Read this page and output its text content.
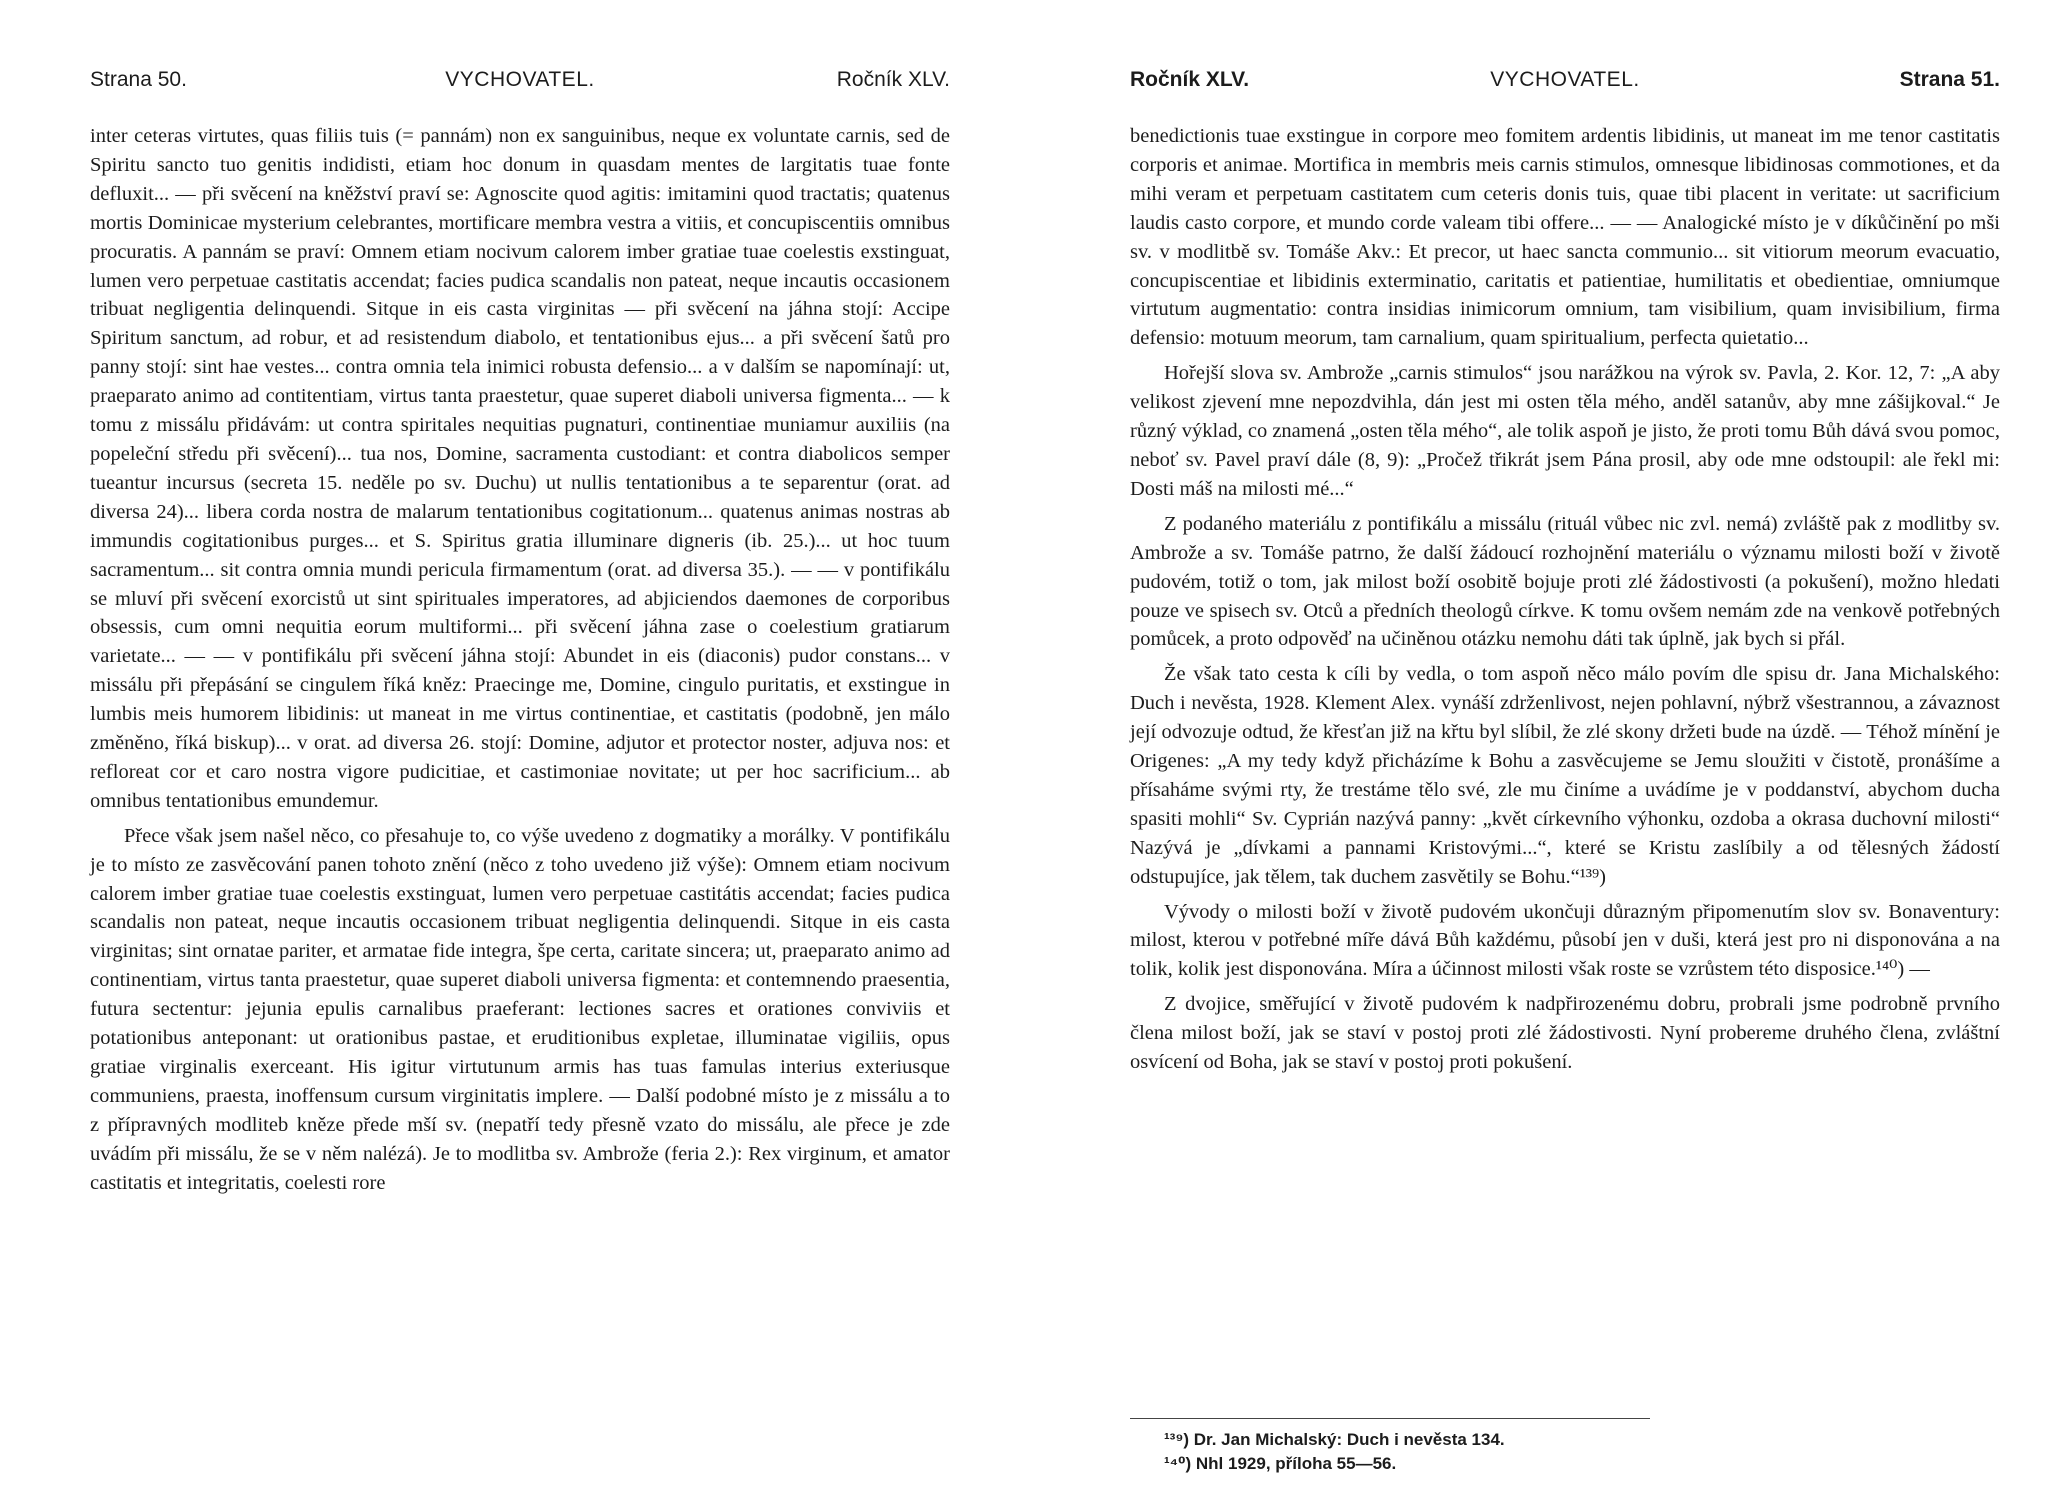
Strana 50.	VYCHOVATEL.	Ročník XLV.

inter ceteras virtutes, quas filiis tuis (= pannám) non ex sanguinibus, neque ex voluntate carnis, sed de Spiritu sancto tuo genitis indidisti, etiam hoc donum in quasdam mentes de largitatis tuae fonte defluxit... — při svěcení na kněžství praví se: Agnoscite quod agitis: imitamini quod tractatis; quatenus mortis Dominicae mysterium celebrantes, mortificare membra vestra a vitiis, et concupiscentiis omnibus procuratis. A pannám se praví: Omnem etiam nocivum calorem imber gratiae tuae coelestis exstinguat, lumen vero perpetuae castitatis accendat; facies pudica scandalis non pateat, neque incautis occasionem tribuat negligentia delinquendi. Sitque in eis casta virginitas — při svěcení na jáhna stojí: Accipe Spiritum sanctum, ad robur, et ad resistendum diabolo, et tentationibus ejus... a při svěcení šatů pro panny stojí: sint hae vestes... contra omnia tela inimici robusta defensio... a v dalším se napomínají: ut, praeparato animo ad contitentiam, virtus tanta praestetur, quae superet diaboli universa figmenta... — k tomu z missálu přidávám: ut contra spiritales nequitias pugnaturi, continentiae muniamur auxiliis (na popeleční středu při svěcení)... tua nos, Domine, sacramenta custodiant: et contra diabolicos semper tueantur incursus (secreta 15. neděle po sv. Duchu) ut nullis tentationibus a te separentur (orat. ad diversa 24)... libera corda nostra de malarum tentationibus cogitationum... quatenus animas nostras ab immundis cogitationibus purges... et S. Spiritus gratia illuminare digneris (ib. 25.)... ut hoc tuum sacramentum... sit contra omnia mundi pericula firmamentum (orat. ad diversa 35.). — — v pontifikálu se mluví při svěcení exorcistů ut sint spirituales imperatores, ad abjiciendos daemones de corporibus obsessis, cum omni nequitia eorum multiformi... při svěcení jáhna zase o coelestium gratiarum varietate... — — v pontifikálu při svěcení jáhna stojí: Abundet in eis (diaconis) pudor constans... v missálu při přepásání se cingulem říká kněz: Praecinge me, Domine, cingulo puritatis, et exstingue in lumbis meis humorem libidinis: ut maneat in me virtus continentiae, et castitatis (podobně, jen málo změněno, říká biskup)... v orat. ad diversa 26. stojí: Domine, adjutor et protector noster, adjuva nos: et refloreat cor et caro nostra vigore pudicitiae, et castimoniae novitate; ut per hoc sacrificium... ab omnibus tentationibus emundemur.

Přece však jsem našel něco, co přesahuje to, co výše uvedeno z dogmatiky a morálky. V pontifikálu je to místo ze zasvěcování panen tohoto znění (něco z toho uvedeno již výše): Omnem etiam nocivum calorem imber gratiae tuae coelestis exstinguat, lumen vero perpetuae castitátis accendat; facies pudica scandalis non pateat, neque incautis occasionem tribuat negligentia delinquendi. Sitque in eis casta virginitas; sint ornatae pariter, et armatae fide integra, špe certa, caritate sincera; ut, praeparato animo ad continentiam, virtus tanta praestetur, quae superet diaboli universa figmenta: et contemnendo praesentia, futura sectentur: jejunia epulis carnalibus praeferant: lectiones sacres et orationes conviviis et potationibus anteponant: ut orationibus pastae, et eruditionibus expletae, illuminatae vigiliis, opus gratiae virginalis exerceant. His igitur virtutunum armis has tuas famulas interius exteriusque communiens, praesta, inoffensum cursum virginitatis implere. — Další podobné místo je z missálu a to z přípravných modliteb kněze přede mší sv. (nepatří tedy přesně vzato do missálu, ale přece je zde uvádím při missálu, že se v něm nalézá). Je to modlitba sv. Ambrože (feria 2.): Rex virginum, et amator castitatis et integritatis, coelesti rore

Ročník XLV.	VYCHOVATEL.	Strana 51.

benedictionis tuae exstingue in corpore meo fomitem ardentis libidinis, ut maneat im me tenor castitatis corporis et animae. Mortifica in membris meis carnis stimulos, omnesque libidinosas commotiones, et da mihi veram et perpetuam castitatem cum ceteris donis tuis, quae tibi placent in veritate: ut sacrificium laudis casto corpore, et mundo corde valeam tibi offere... — — Analogické místo je v díkůčinění po mši sv. v modlitbě sv. Tomáše Akv.: Et precor, ut haec sancta communio... sit vitiorum meorum evacuatio, concupiscentiae et libidinis exterminatio, caritatis et patientiae, humilitatis et obedientiae, omniumque virtutum augmentatio: contra insidias inimicorum omnium, tam visibilium, quam invisibilium, firma defensio: motuum meorum, tam carnalium, quam spiritualium, perfecta quietatio...

Hořejší slova sv. Ambrože „carnis stimulos“ jsou narážkou na výrok sv. Pavla, 2. Kor. 12, 7: „A aby velikost zjevení mne nepozdvihla, dán jest mi osten těla mého, anděl satanův, aby mne zášijkoval.“ Je různý výklad, co znamená „osten těla mého“, ale tolik aspoň je jisto, že proti tomu Bůh dává svou pomoc, neboť sv. Pavel praví dále (8, 9): „Pročež třikrát jsem Pána prosil, aby ode mne odstoupil: ale řekl mi: Dosti máš na milosti mé...“

Z podaného materiálu z pontifikálu a missálu (rituál vůbec nic zvl. nemá) zvláště pak z modlitby sv. Ambrože a sv. Tomáše patrno, že další žádoucí rozhojnění materiálu o významu milosti boží v životě pudovém, totiž o tom, jak milost boží osobitě bojuje proti zlé žádostivosti (a pokušení), možno hledati pouze ve spisech sv. Otců a předních theologů církve. K tomu ovšem nemám zde na venkově potřebných pomůcek, a proto odpověď na učiněnou otázku nemohu dáti tak úplně, jak bych si přál.

Že však tato cesta k cíli by vedla, o tom aspoň něco málo povím dle spisu dr. Jana Michalského: Duch i nevěsta, 1928. Klement Alex. vynáší zdrženlivost, nejen pohlavní, nýbrž všestrannou, a závaznost její odvozuje odtud, že křesťan již na křtu byl slíbil, že zlé skony držeti bude na úzdě. — Téhož mínění je Origenes: „A my tedy když přicházíme k Bohu a zasvěcujeme se Jemu sloužiti v čistotě, pronášíme a přísaháme svými rty, že trestáme tělo své, zle mu činíme a uvádíme je v poddanství, abychom ducha spasiti mohli“ Sv. Cyprián nazývá panny: „květ církevního výhonku, ozdoba a okrasa duchovní milosti“ Nazývá je „dívkami a pannami Kristovými...“, které se Kristu zaslíbily a od tělesných žádostí odstupujíce, jak tělem, tak duchem zasvětily se Bohu.“¹³⁹)

Vývody o milosti boží v životě pudovém ukončuji důrazným připomenutím slov sv. Bonaventury: milost, kterou v potřebné míře dává Bůh každému, působí jen v duši, která jest pro ni disponována a na tolik, kolik jest disponována. Míra a účinnost milosti však roste se vzrůstem této disposice.¹⁴⁰) —

Z dvojice, směřující v životě pudovém k nadpřirozenému dobru, probrali jsme podrobně prvního člena milost boží, jak se staví v postoj proti zlé žádostivosti. Nyní probereme druhého člena, zvláštní osvícení od Boha, jak se staví v postoj proti pokušení.

¹³⁹) Dr. Jan Michalský: Duch i nevěsta 134.
¹⁴⁰) Nhl 1929, příloha 55—56.
